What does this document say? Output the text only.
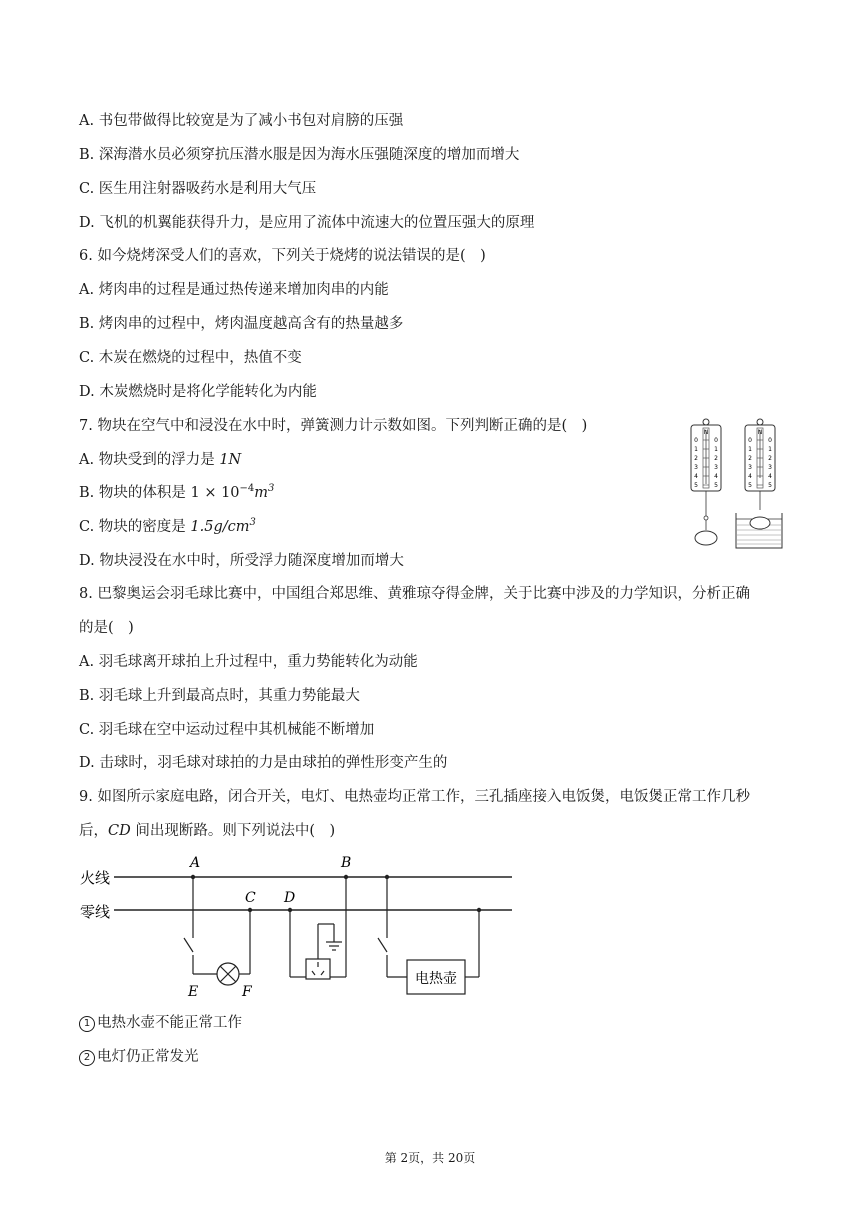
A. 书包带做得比较宽是为了减小书包对肩膀的压强
B. 深海潜水员必须穿抗压潜水服是因为海水压强随深度的增加而增大
C. 医生用注射器吸药水是利用大气压
D. 飞机的机翼能获得升力，是应用了流体中流速大的位置压强大的原理
6. 如今烧烤深受人们的喜欢，下列关于烧烤的说法错误的是(　)
A. 烤肉串的过程是通过热传递来增加肉串的内能
B. 烤肉串的过程中，烤肉温度越高含有的热量越多
C. 木炭在燃烧的过程中，热值不变
D. 木炭燃烧时是将化学能转化为内能
7. 物块在空气中和浸没在水中时，弹簧测力计示数如图。下列判断正确的是(　)
A. 物块受到的浮力是 1N
B. 物块的体积是 $1 \times 10^{-4}m^3$
C. 物块的密度是 $1.5g/cm^3$
D. 物块浸没在水中时，所受浮力随深度增加而增大
N
0	0
1	1
2	2
3	3
4	4
5	5
N
0	0
1	1
2	2
3	3
4	4
5	5
8. 巴黎奥运会羽毛球比赛中，中国组合郑思维、黄雅琼夺得金牌，关于比赛中涉及的力学知识，分析正确
的是(　)
A. 羽毛球离开球拍上升过程中，重力势能转化为动能
B. 羽毛球上升到最高点时，其重力势能最大
C. 羽毛球在空中运动过程中其机械能不断增加
D. 击球时，羽毛球对球拍的力是由球拍的弹性形变产生的
9. 如图所示家庭电路，闭合开关，电灯、电热壶均正常工作，三孔插座接入电饭煲，电饭煲正常工作几秒
后，CD 间出现断路。则下列说法中(　)
火线
零线
A
C
E	F
D
B
电热壶
1 电热水壶不能正常工作
2 电灯仍正常发光
第 2页，共 20页
